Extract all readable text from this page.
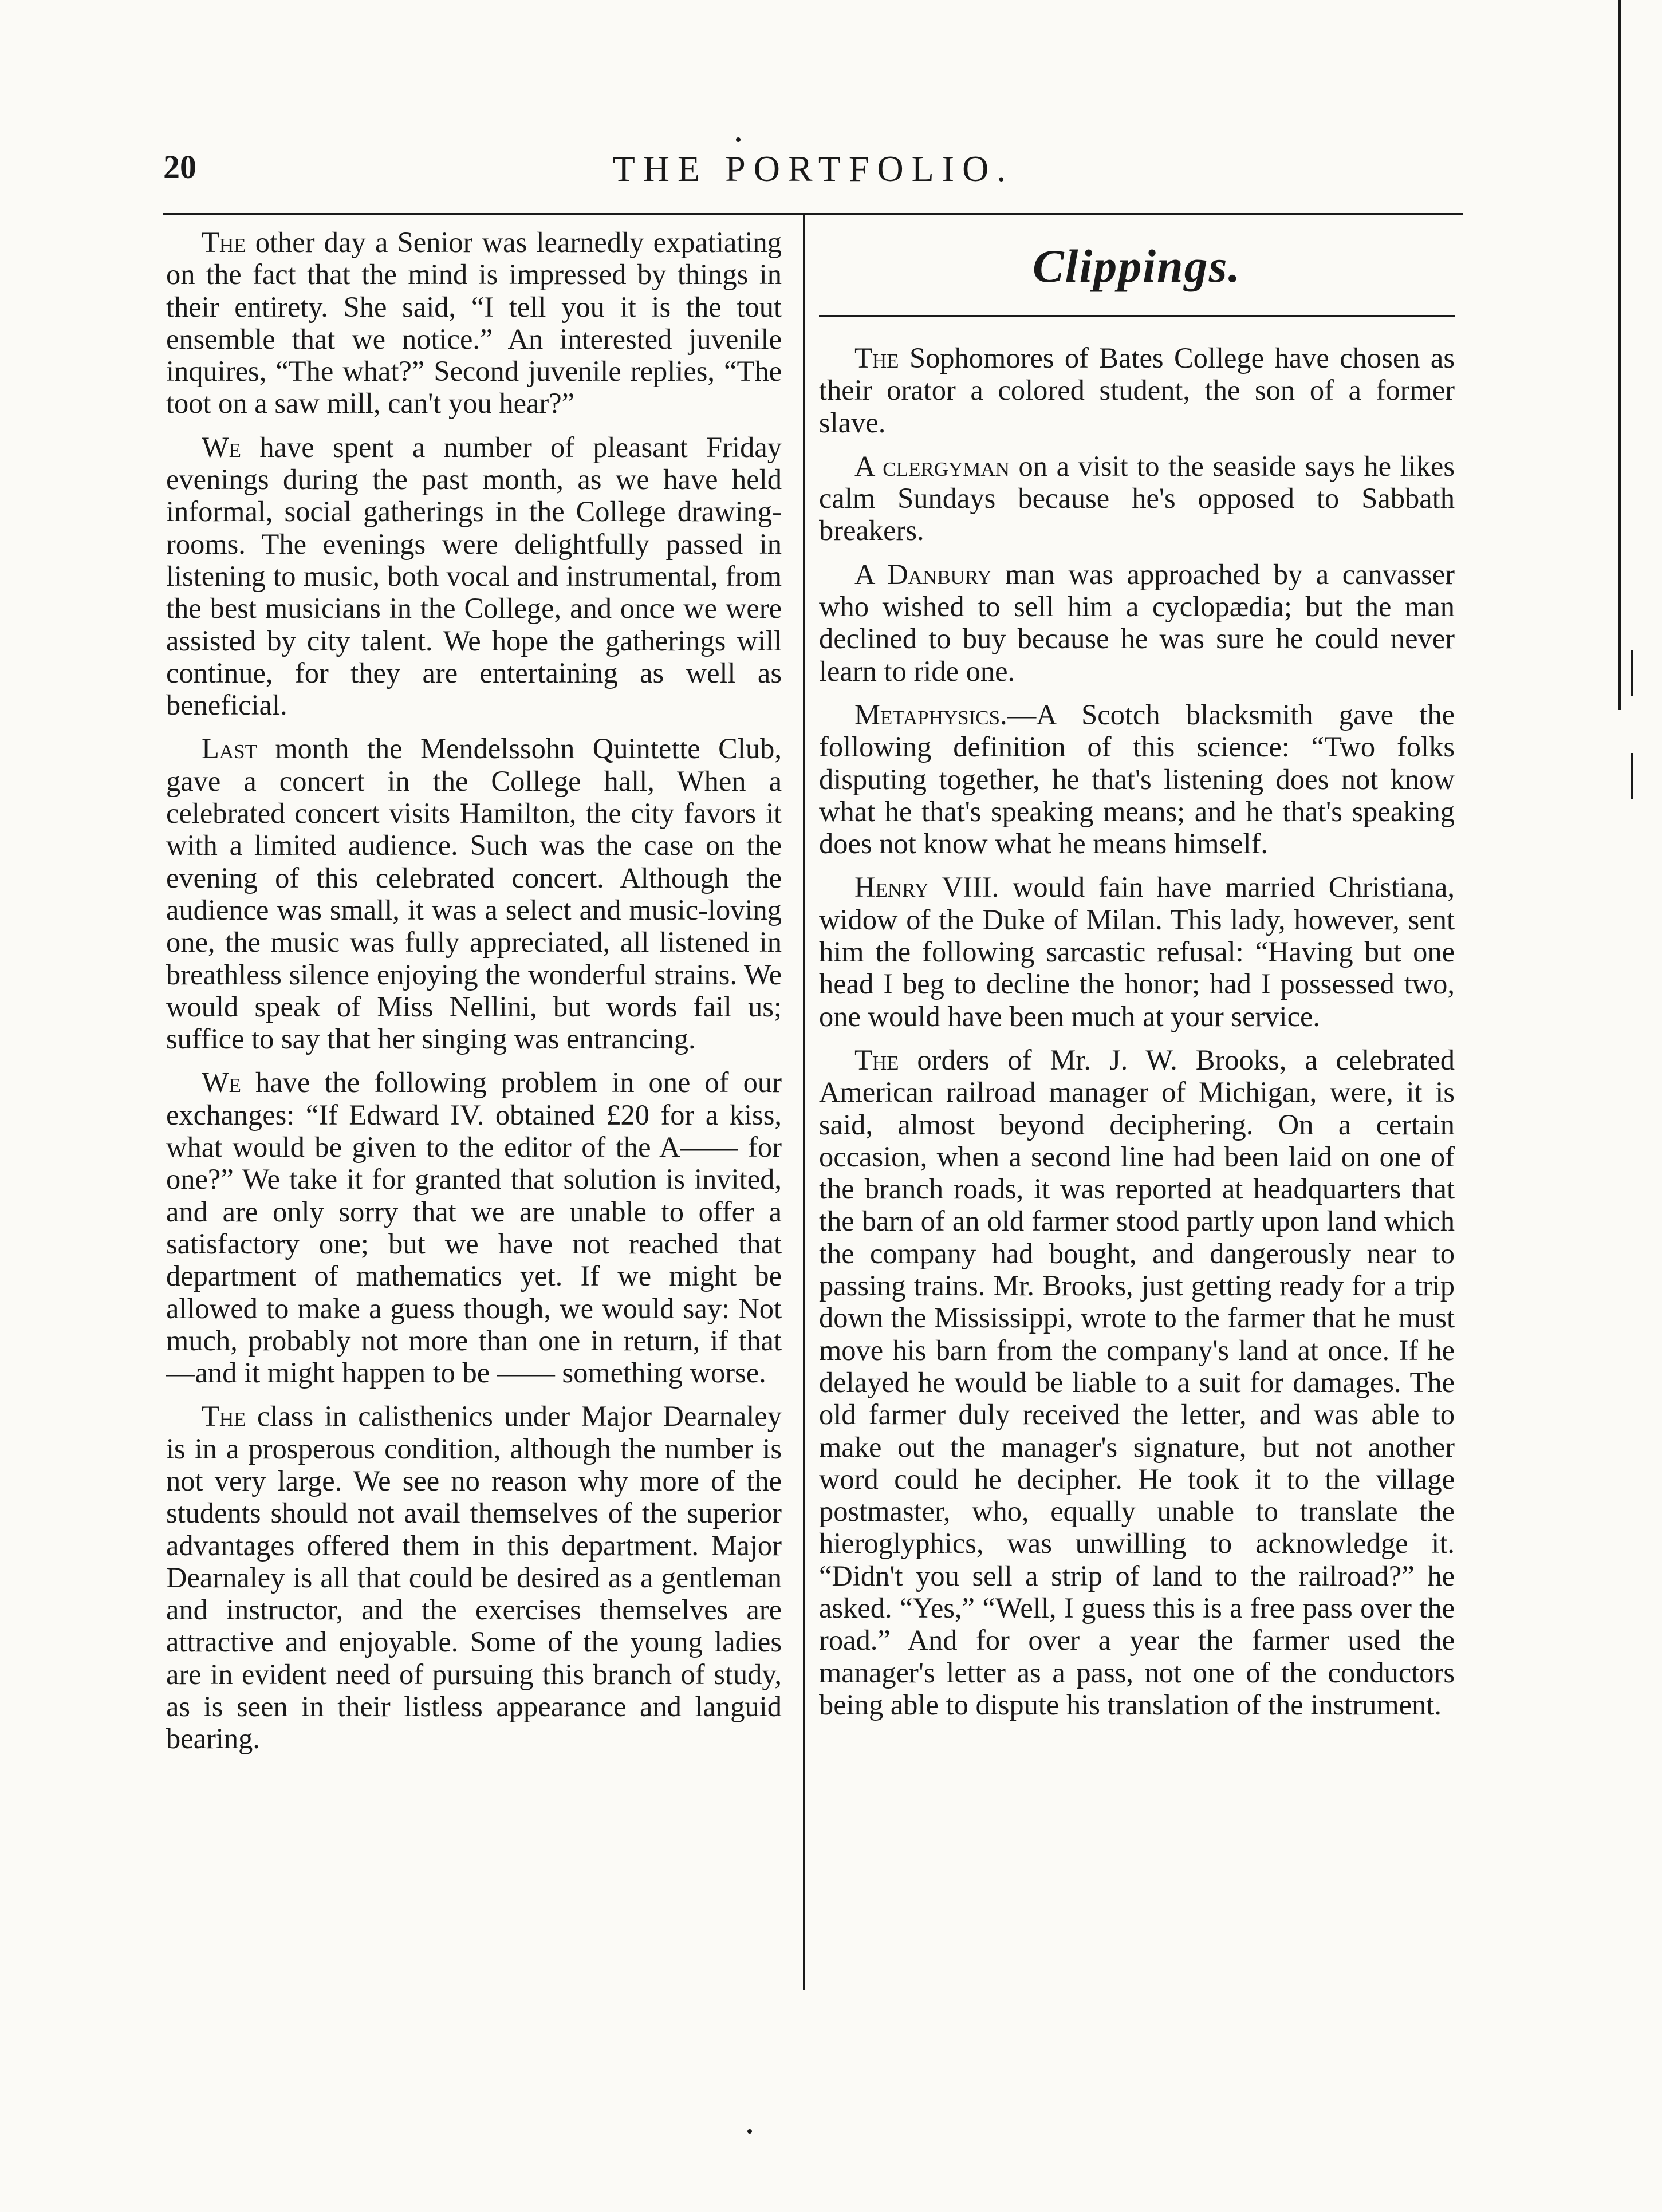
20	THE PORTFOLIO.

The other day a Senior was learnedly expatiating on the fact that the mind is impressed by things in their entirety. She said, “I tell you it is the tout ensemble that we notice.” An interested juvenile inquires, “The what?” Second juvenile replies, “The toot on a saw mill, can't you hear?”

We have spent a number of pleasant Friday evenings during the past month, as we have held informal, social gatherings in the College drawing-rooms. The evenings were delightfully passed in listening to music, both vocal and instrumental, from the best musicians in the College, and once we were assisted by city talent. We hope the gatherings will continue, for they are entertaining as well as beneficial.

Last month the Mendelssohn Quintette Club, gave a concert in the College hall, When a celebrated concert visits Hamilton, the city favors it with a limited audience. Such was the case on the evening of this celebrated concert. Although the audience was small, it was a select and music-loving one, the music was fully appreciated, all listened in breathless silence enjoying the wonderful strains. We would speak of Miss Nellini, but words fail us; suffice to say that her singing was entrancing.

We have the following problem in one of our exchanges: “If Edward IV. obtained £20 for a kiss, what would be given to the editor of the A—— for one?” We take it for granted that solution is invited, and are only sorry that we are unable to offer a satisfactory one; but we have not reached that department of mathematics yet. If we might be allowed to make a guess though, we would say: Not much, probably not more than one in return, if that—and it might happen to be —— something worse.

The class in calisthenics under Major Dearnaley is in a prosperous condition, although the number is not very large. We see no reason why more of the students should not avail themselves of the superior advantages offered them in this department. Major Dearnaley is all that could be desired as a gentleman and instructor, and the exercises themselves are attractive and enjoyable. Some of the young ladies are in evident need of pursuing this branch of study, as is seen in their listless appearance and languid bearing.

Clippings.

The Sophomores of Bates College have chosen as their orator a colored student, the son of a former slave.

A clergyman on a visit to the seaside says he likes calm Sundays because he's opposed to Sabbath breakers.

A Danbury man was approached by a canvasser who wished to sell him a cyclopædia; but the man declined to buy because he was sure he could never learn to ride one.

Metaphysics.—A Scotch blacksmith gave the following definition of this science: “Two folks disputing together, he that's listening does not know what he that's speaking means; and he that's speaking does not know what he means himself.

Henry VIII. would fain have married Christiana, widow of the Duke of Milan. This lady, however, sent him the following sarcastic refusal: “Having but one head I beg to decline the honor; had I possessed two, one would have been much at your service.

The orders of Mr. J. W. Brooks, a celebrated American railroad manager of Michigan, were, it is said, almost beyond deciphering. On a certain occasion, when a second line had been laid on one of the branch roads, it was reported at headquarters that the barn of an old farmer stood partly upon land which the company had bought, and dangerously near to passing trains. Mr. Brooks, just getting ready for a trip down the Mississippi, wrote to the farmer that he must move his barn from the company's land at once. If he delayed he would be liable to a suit for damages. The old farmer duly received the letter, and was able to make out the manager's signature, but not another word could he decipher. He took it to the village postmaster, who, equally unable to translate the hieroglyphics, was unwilling to acknowledge it. “Didn't you sell a strip of land to the railroad?” he asked. “Yes,” “Well, I guess this is a free pass over the road.” And for over a year the farmer used the manager's letter as a pass, not one of the conductors being able to dispute his translation of the instrument.
